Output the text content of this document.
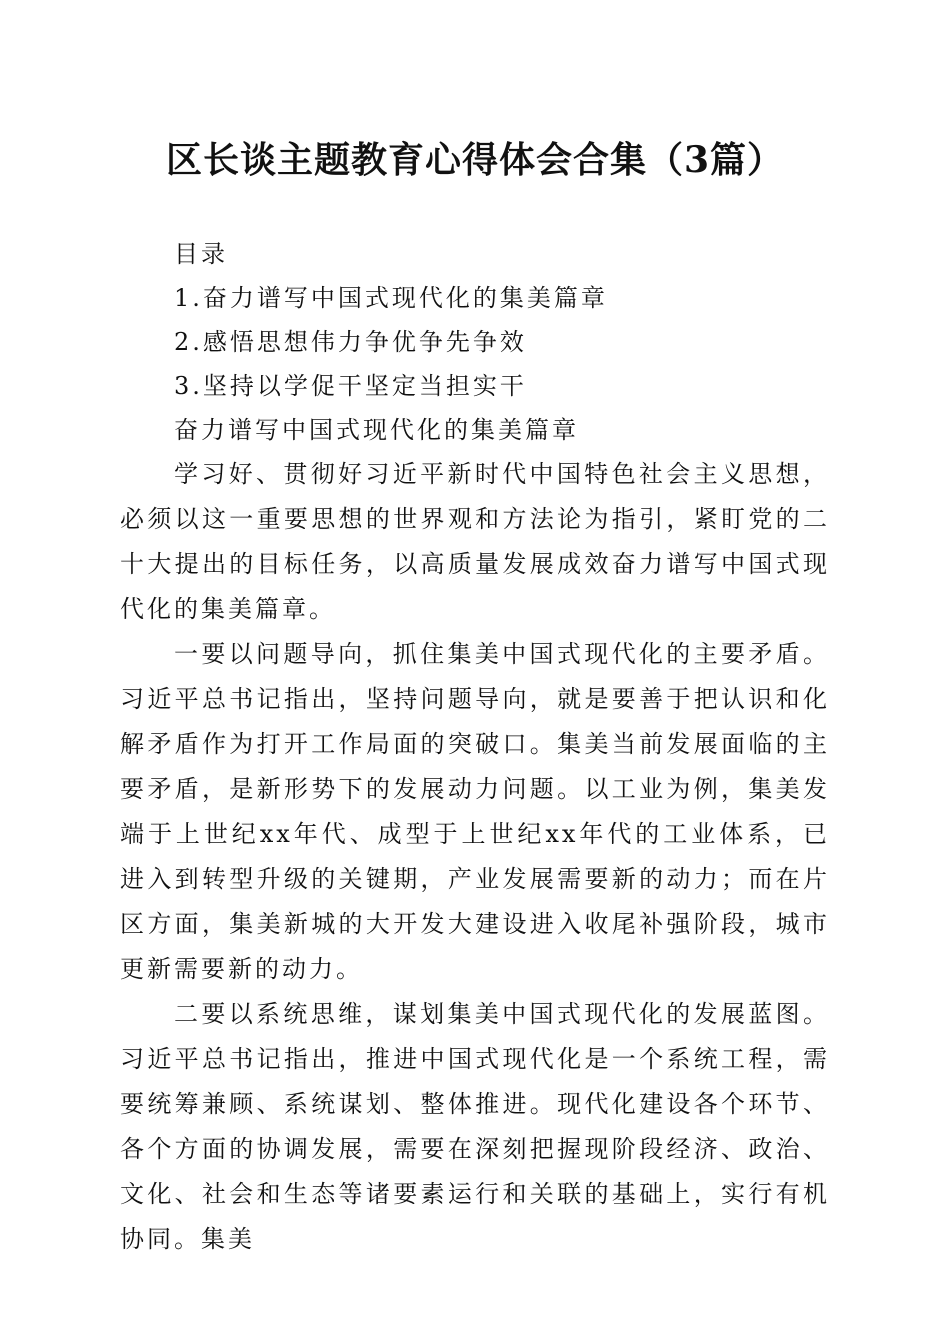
区长谈主题教育心得体会合集（3篇）
目录
1.奋力谱写中国式现代化的集美篇章
2.感悟思想伟力争优争先争效
3.坚持以学促干坚定当担实干
奋力谱写中国式现代化的集美篇章

学习好、贯彻好习近平新时代中国特色社会主义思想，必须以这一重要思想的世界观和方法论为指引，紧盯党的二十大提出的目标任务，以高质量发展成效奋力谱写中国式现代化的集美篇章。

一要以问题导向，抓住集美中国式现代化的主要矛盾。习近平总书记指出，坚持问题导向，就是要善于把认识和化解矛盾作为打开工作局面的突破口。集美当前发展面临的主要矛盾，是新形势下的发展动力问题。以工业为例，集美发端于上世纪xx年代、成型于上世纪xx年代的工业体系，已进入到转型升级的关键期，产业发展需要新的动力；而在片区方面，集美新城的大开发大建设进入收尾补强阶段，城市更新需要新的动力。

二要以系统思维，谋划集美中国式现代化的发展蓝图。习近平总书记指出，推进中国式现代化是一个系统工程，需要统筹兼顾、系统谋划、整体推进。现代化建设各个环节、各个方面的协调发展，需要在深刻把握现阶段经济、政治、文化、社会和生态等诸要素运行和关联的基础上，实行有机协同。集美
